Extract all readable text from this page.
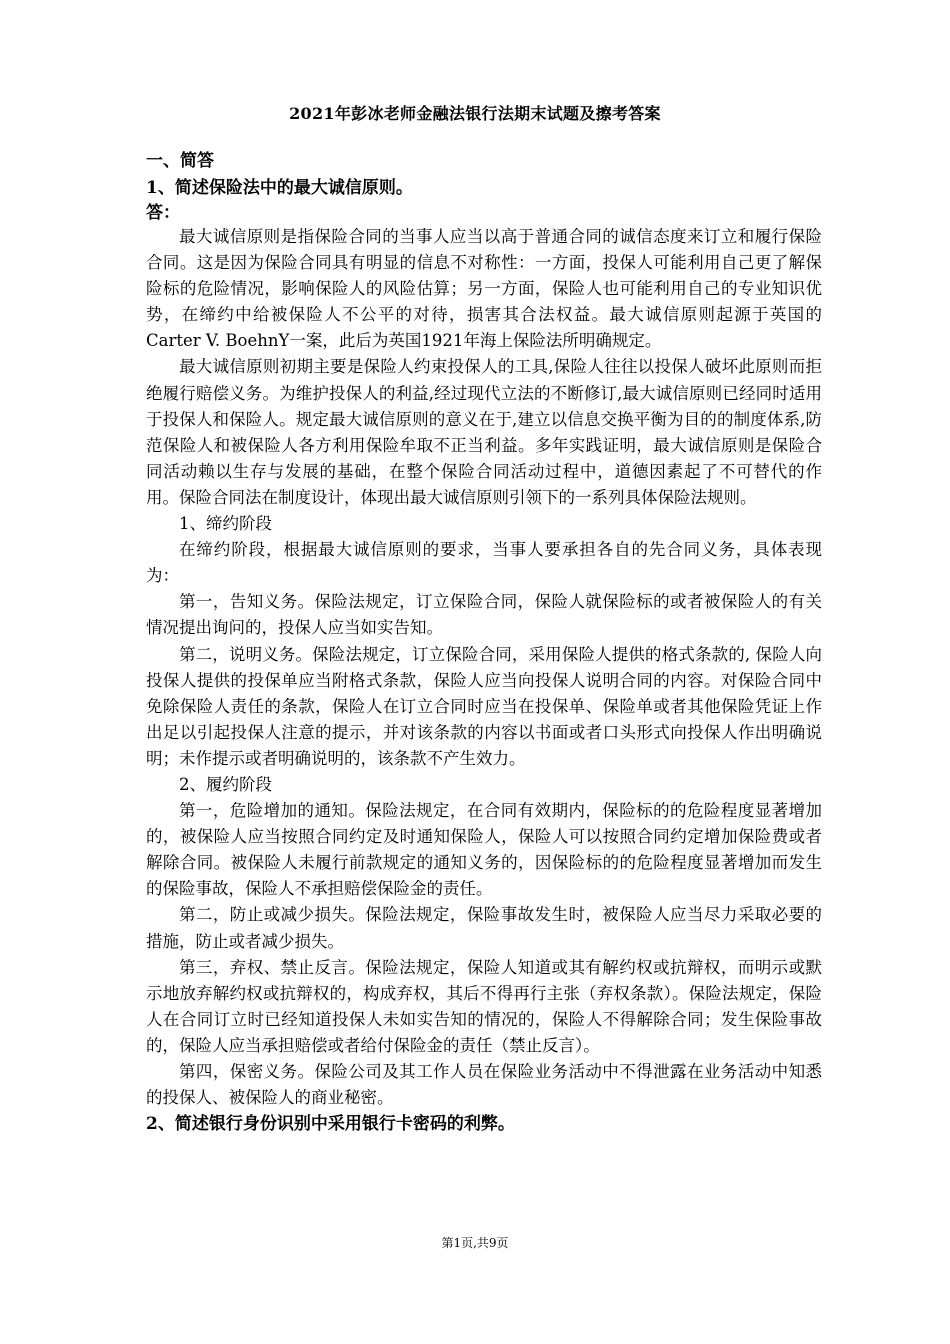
2021年彭冰老师金融法银行法期末试题及擦考答案
一、简答
1、简述保险法中的最大诚信原则。
答：

最大诚信原则是指保险合同的当事人应当以高于普通合同的诚信态度来订立和履行保险合同。这是因为保险合同具有明显的信息不对称性：一方面，投保人可能利用自己更了解保险标的危险情况，影响保险人的风险估算；另一方面，保险人也可能利用自己的专业知识优势，在缔约中给被保险人不公平的对待，损害其合法权益。最大诚信原则起源于英国的Carter V. BoehnY一案，此后为英国1921年海上保险法所明确规定。

最大诚信原则初期主要是保险人约束投保人的工具,保险人往往以投保人破坏此原则而拒绝履行赔偿义务。为维护投保人的利益,经过现代立法的不断修订,最大诚信原则已经同时适用于投保人和保险人。规定最大诚信原则的意义在于,建立以信息交换平衡为目的的制度体系,防范保险人和被保险人各方利用保险牟取不正当利益。多年实践证明，最大诚信原则是保险合同活动赖以生存与发展的基础，在整个保险合同活动过程中，道德因素起了不可替代的作用。保险合同法在制度设计，体现出最大诚信原则引领下的一系列具体保险法规则。

1、缔约阶段

在缔约阶段，根据最大诚信原则的要求，当事人要承担各自的先合同义务，具体表现为：

第一，告知义务。保险法规定，订立保险合同，保险人就保险标的或者被保险人的有关情况提出询问的，投保人应当如实告知。

第二，说明义务。保险法规定，订立保险合同，采用保险人提供的格式条款的, 保险人向投保人提供的投保单应当附格式条款，保险人应当向投保人说明合同的内容。对保险合同中免除保险人责任的条款，保险人在订立合同时应当在投保单、保险单或者其他保险凭证上作出足以引起投保人注意的提示，并对该条款的内容以书面或者口头形式向投保人作出明确说明；未作提示或者明确说明的，该条款不产生效力。

2、履约阶段

第一，危险增加的通知。保险法规定，在合同有效期内，保险标的的危险程度显著增加的，被保险人应当按照合同约定及时通知保险人，保险人可以按照合同约定增加保险费或者解除合同。被保险人未履行前款规定的通知义务的，因保险标的的危险程度显著增加而发生的保险事故，保险人不承担赔偿保险金的责任。

第二，防止或减少损失。保险法规定，保险事故发生时，被保险人应当尽力采取必要的措施，防止或者减少损失。

第三，弃权、禁止反言。保险法规定，保险人知道或其有解约权或抗辩权，而明示或默示地放弃解约权或抗辩权的，构成弃权，其后不得再行主张（弃权条款）。保险法规定，保险人在合同订立时已经知道投保人未如实告知的情况的，保险人不得解除合同；发生保险事故的，保险人应当承担赔偿或者给付保险金的责任（禁止反言）。

第四，保密义务。保险公司及其工作人员在保险业务活动中不得泄露在业务活动中知悉的投保人、被保险人的商业秘密。

2、简述银行身份识别中采用银行卡密码的利弊。
第1页,共9页
